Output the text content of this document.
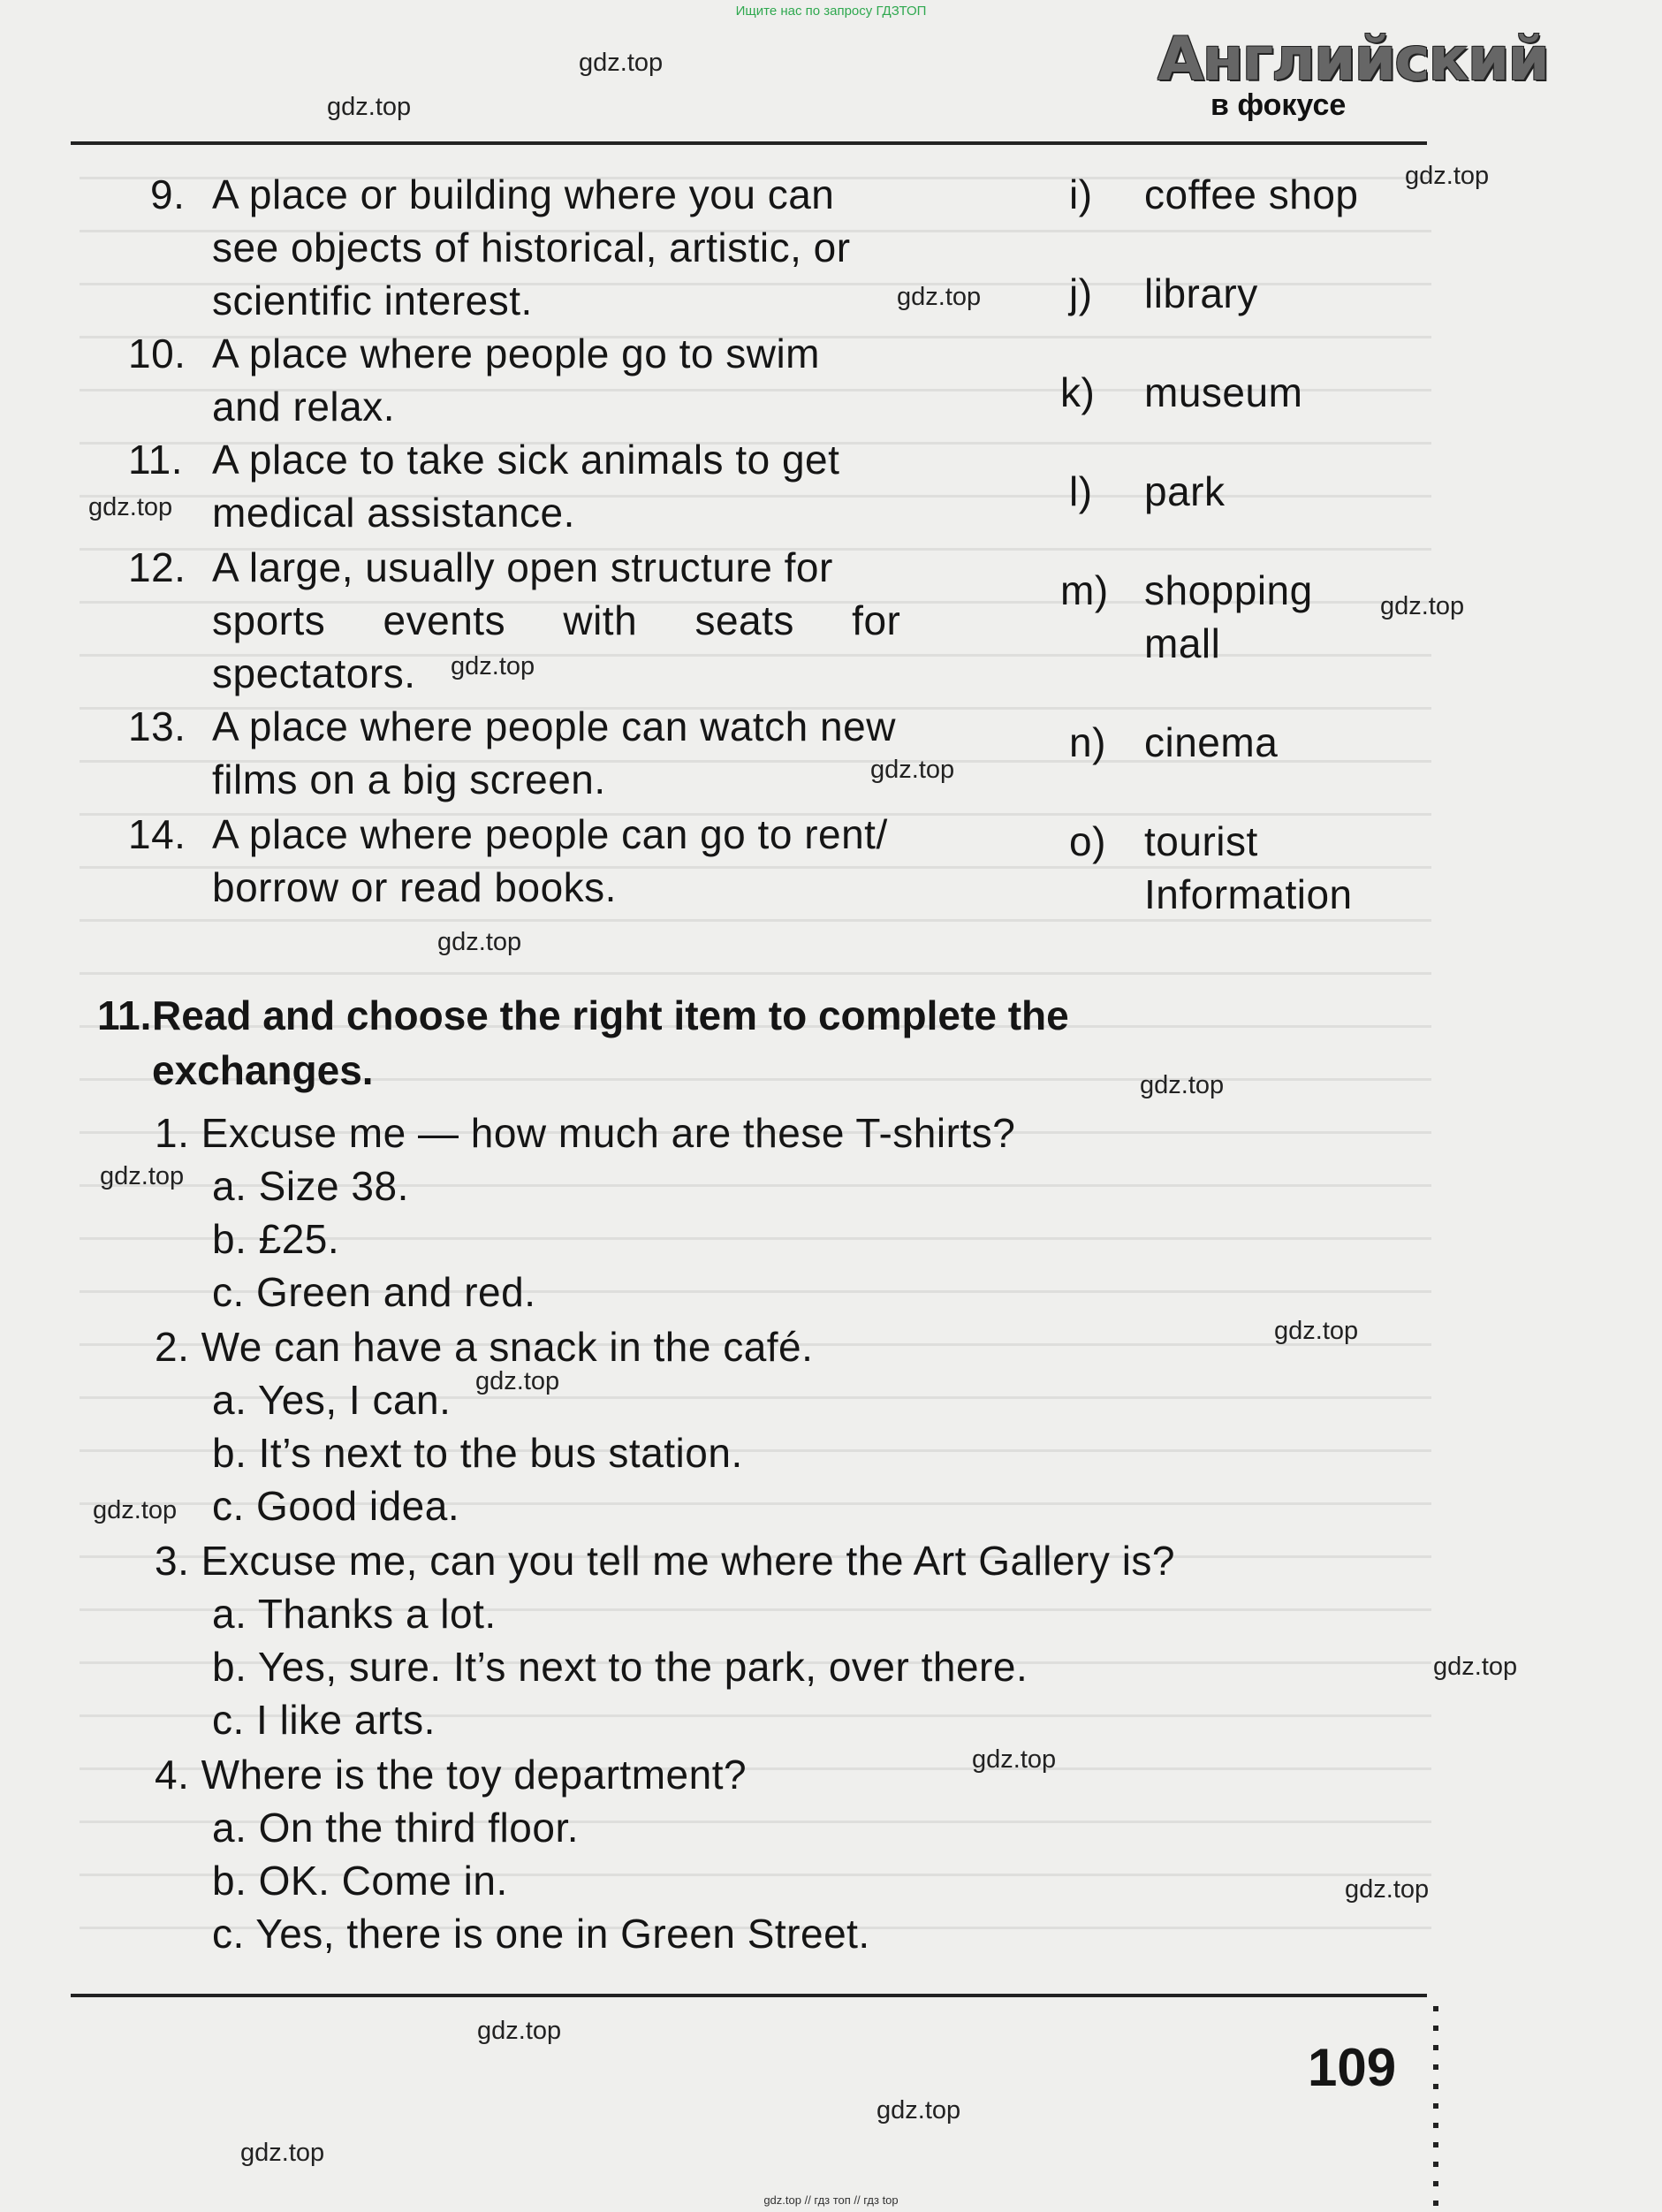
Ищите нас по запросу ГДЗТОП
Английский
в фокусе
9. A place or building where you can
see objects of historical, artistic, or
scientific interest.
10. A place where people go to swim
and relax.
11. A place to take sick animals to get
medical assistance.
12. A large, usually open structure for
sports events with seats for
spectators.
13. A place where people can watch new
films on a big screen.
14. A place where people can go to rent/
borrow or read books.
i) coffee shop
j) library
k) museum
l) park
m) shopping
mall
n) cinema
o) tourist
Information
11. Read and choose the right item to complete the
exchanges.
1. Excuse me — how much are these T-shirts?
a. Size 38.
b. £25.
c. Green and red.
2. We can have a snack in the café.
a. Yes, I can.
b. It’s next to the bus station.
c. Good idea.
3. Excuse me, can you tell me where the Art Gallery is?
a. Thanks a lot.
b. Yes, sure. It’s next to the park, over there.
c. I like arts.
4. Where is the toy department?
a. On the third floor.
b. OK. Come in.
c. Yes, there is one in Green Street.
109
gdz.top
gdz.top
gdz.top
gdz.top
gdz.top
gdz.top
gdz.top
gdz.top
gdz.top
gdz.top
gdz.top
gdz.top
gdz.top
gdz.top
gdz.top
gdz.top
gdz.top
gdz.top
gdz.top
gdz.top
gdz.top // гдз топ // гдз top
